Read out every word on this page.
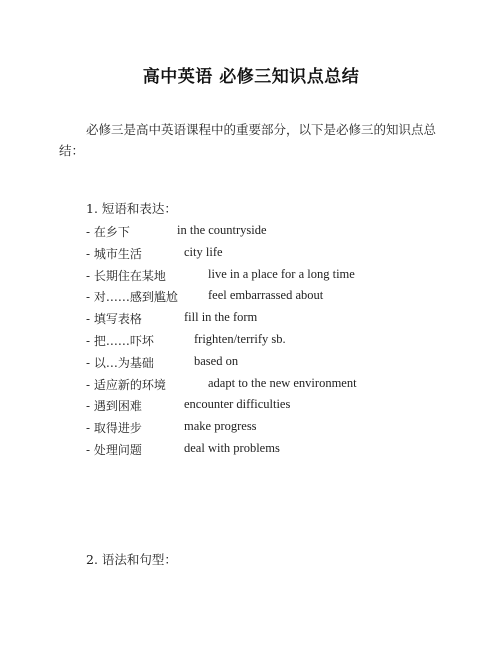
高中英语 必修三知识点总结
必修三是高中英语课程中的重要部分，以下是必修三的知识点总结：
1. 短语和表达：
- 在乡下	in the countryside
- 城市生活	city life
- 长期住在某地	live in a place for a long time
- 对……感到尴尬 feel embarrassed about
- 填写表格	fill in the form
- 把……吓坏	frighten/terrify sb.
- 以…为基础	based on
- 适应新的环境	adapt to the new environment
- 遇到困难	encounter difficulties
- 取得进步	make progress
- 处理问题	deal with problems
2. 语法和句型：
